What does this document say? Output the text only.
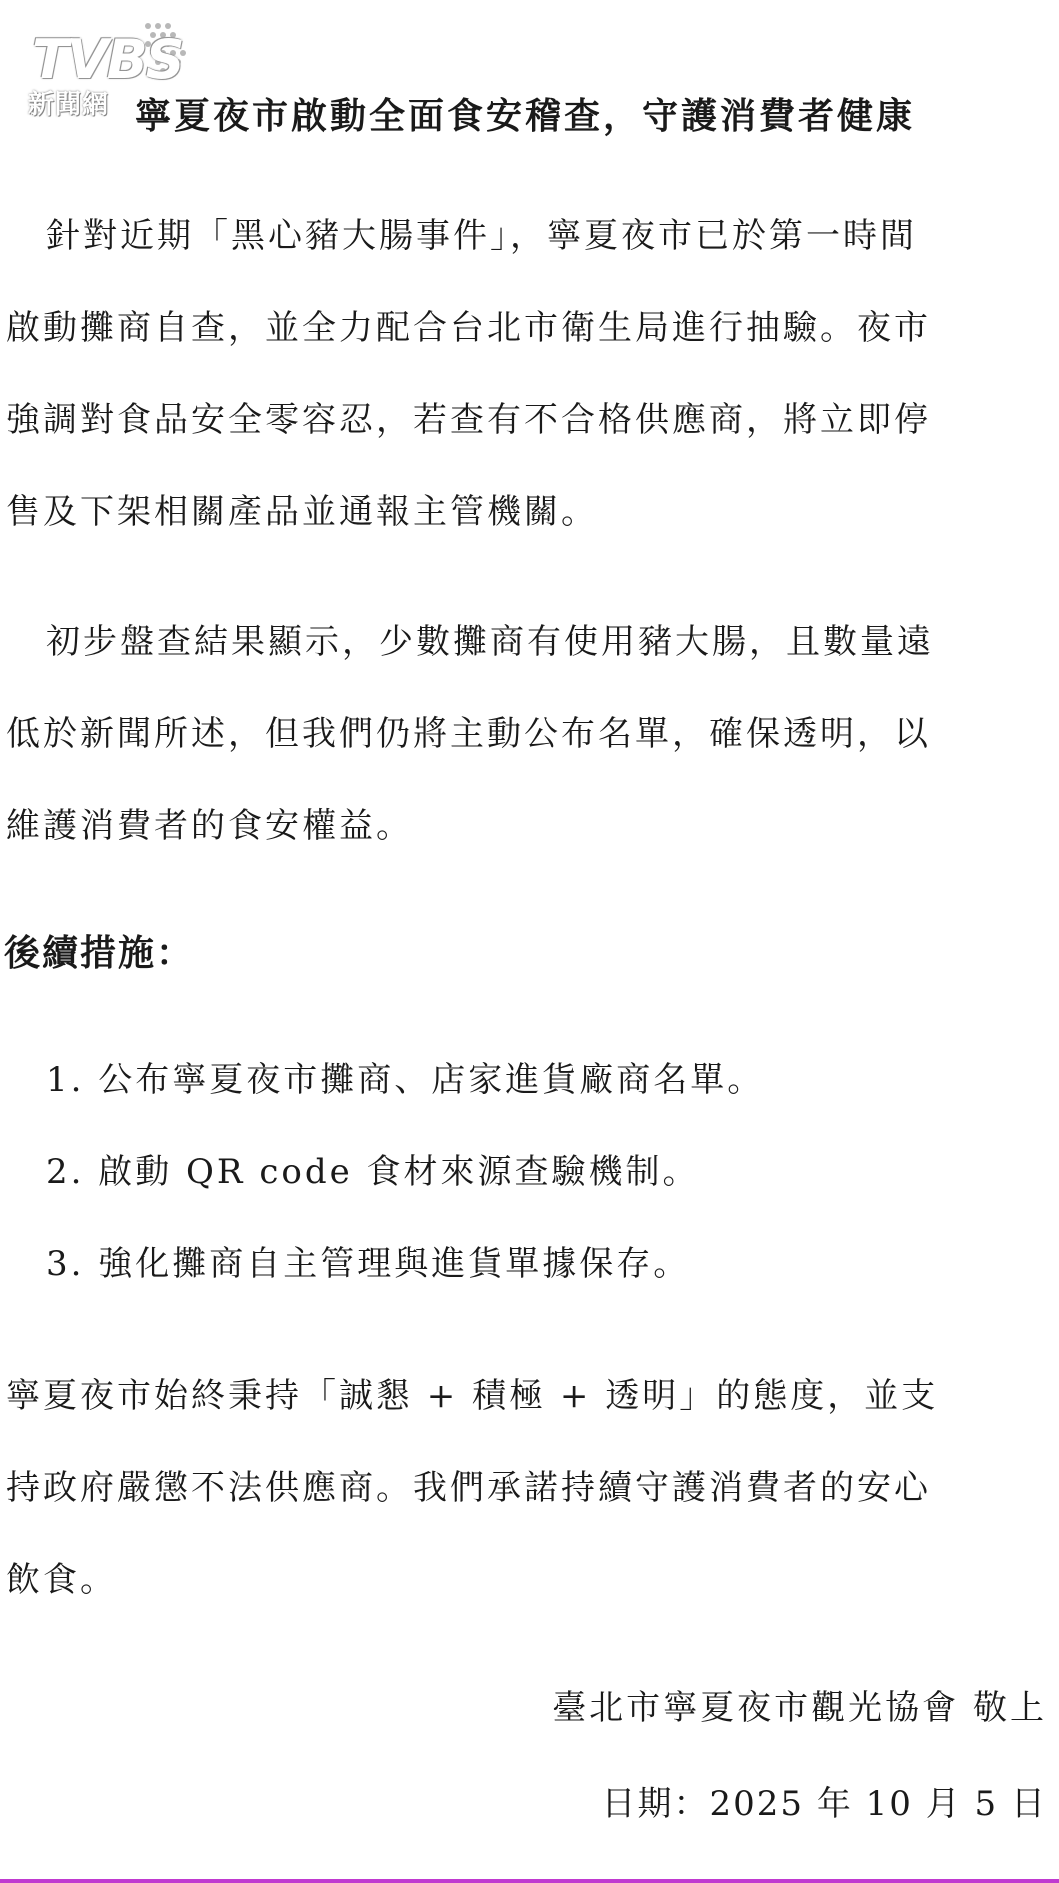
TVBS
新聞網 寧夏夜市啟動全面食安稽查，守護消費者健康
針對近期「黑心豬大腸事件」，寧夏夜市已於第一時間
啟動攤商自查，並全力配合台北市衛生局進行抽驗。夜市
強調對食品安全零容忍，若查有不合格供應商，將立即停
售及下架相關產品並通報主管機關。
初步盤查結果顯示，少數攤商有使用豬大腸，且數量遠
低於新聞所述，但我們仍將主動公布名單，確保透明，以
維護消費者的食安權益。
後續措施：
1. 公布寧夏夜市攤商、店家進貨廠商名單。
2. 啟動 QR code 食材來源查驗機制。
3. 強化攤商自主管理與進貨單據保存。
寧夏夜市始終秉持「誠懇 + 積極 + 透明」的態度，並支
持政府嚴懲不法供應商。我們承諾持續守護消費者的安心
飲食。
臺北市寧夏夜市觀光協會 敬上
日期：2025 年 10 月 5 日
